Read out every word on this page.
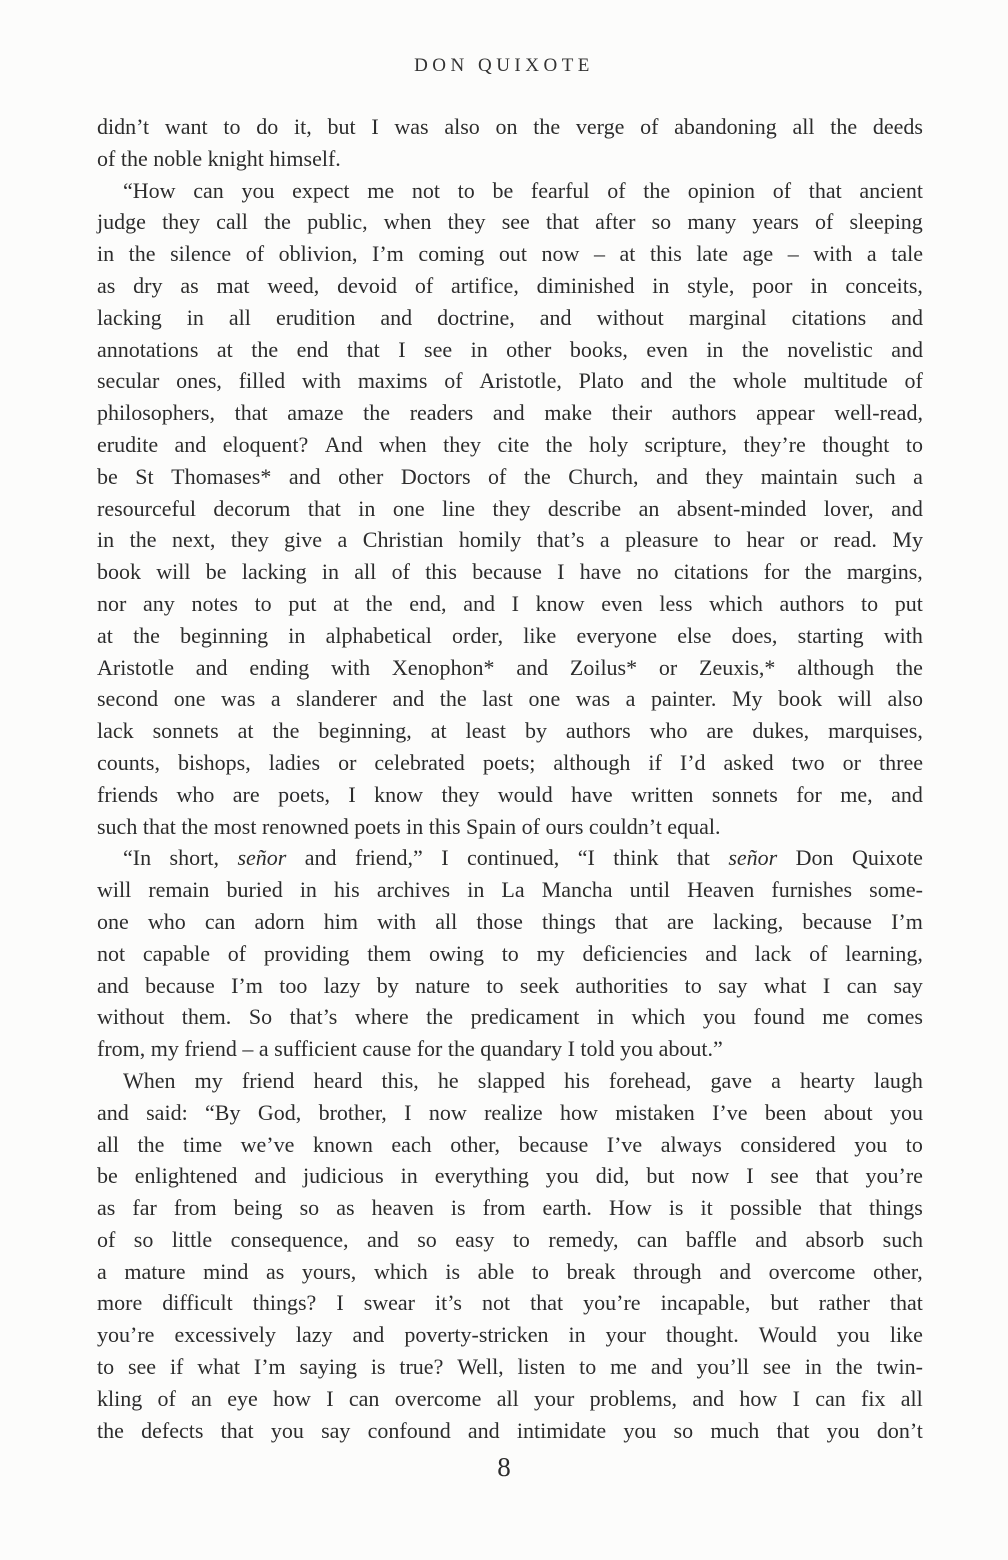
DON QUIXOTE
didn’t want to do it, but I was also on the verge of abandoning all the deeds
of the noble knight himself.
“How can you expect me not to be fearful of the opinion of that ancient
judge they call the public, when they see that after so many years of sleeping
in the silence of oblivion, I’m coming out now – at this late age – with a tale
as dry as mat weed, devoid of artifice, diminished in style, poor in conceits,
lacking in all erudition and doctrine, and without marginal citations and
annotations at the end that I see in other books, even in the novelistic and
secular ones, filled with maxims of Aristotle, Plato and the whole multitude of
philosophers, that amaze the readers and make their authors appear well-read,
erudite and eloquent? And when they cite the holy scripture, they’re thought to
be St Thomases* and other Doctors of the Church, and they maintain such a
resourceful decorum that in one line they describe an absent-minded lover, and
in the next, they give a Christian homily that’s a pleasure to hear or read. My
book will be lacking in all of this because I have no citations for the margins,
nor any notes to put at the end, and I know even less which authors to put
at the beginning in alphabetical order, like everyone else does, starting with
Aristotle and ending with Xenophon* and Zoilus* or Zeuxis,* although the
second one was a slanderer and the last one was a painter. My book will also
lack sonnets at the beginning, at least by authors who are dukes, marquises,
counts, bishops, ladies or celebrated poets; although if I’d asked two or three
friends who are poets, I know they would have written sonnets for me, and
such that the most renowned poets in this Spain of ours couldn’t equal.
“In short, señor and friend,” I continued, “I think that señor Don Quixote
will remain buried in his archives in La Mancha until Heaven furnishes some-
one who can adorn him with all those things that are lacking, because I’m
not capable of providing them owing to my deficiencies and lack of learning,
and because I’m too lazy by nature to seek authorities to say what I can say
without them. So that’s where the predicament in which you found me comes
from, my friend – a sufficient cause for the quandary I told you about.”
When my friend heard this, he slapped his forehead, gave a hearty laugh
and said: “By God, brother, I now realize how mistaken I’ve been about you
all the time we’ve known each other, because I’ve always considered you to
be enlightened and judicious in everything you did, but now I see that you’re
as far from being so as heaven is from earth. How is it possible that things
of so little consequence, and so easy to remedy, can baffle and absorb such
a mature mind as yours, which is able to break through and overcome other,
more difficult things? I swear it’s not that you’re incapable, but rather that
you’re excessively lazy and poverty-stricken in your thought. Would you like
to see if what I’m saying is true? Well, listen to me and you’ll see in the twin-
kling of an eye how I can overcome all your problems, and how I can fix all
the defects that you say confound and intimidate you so much that you don’t
8
